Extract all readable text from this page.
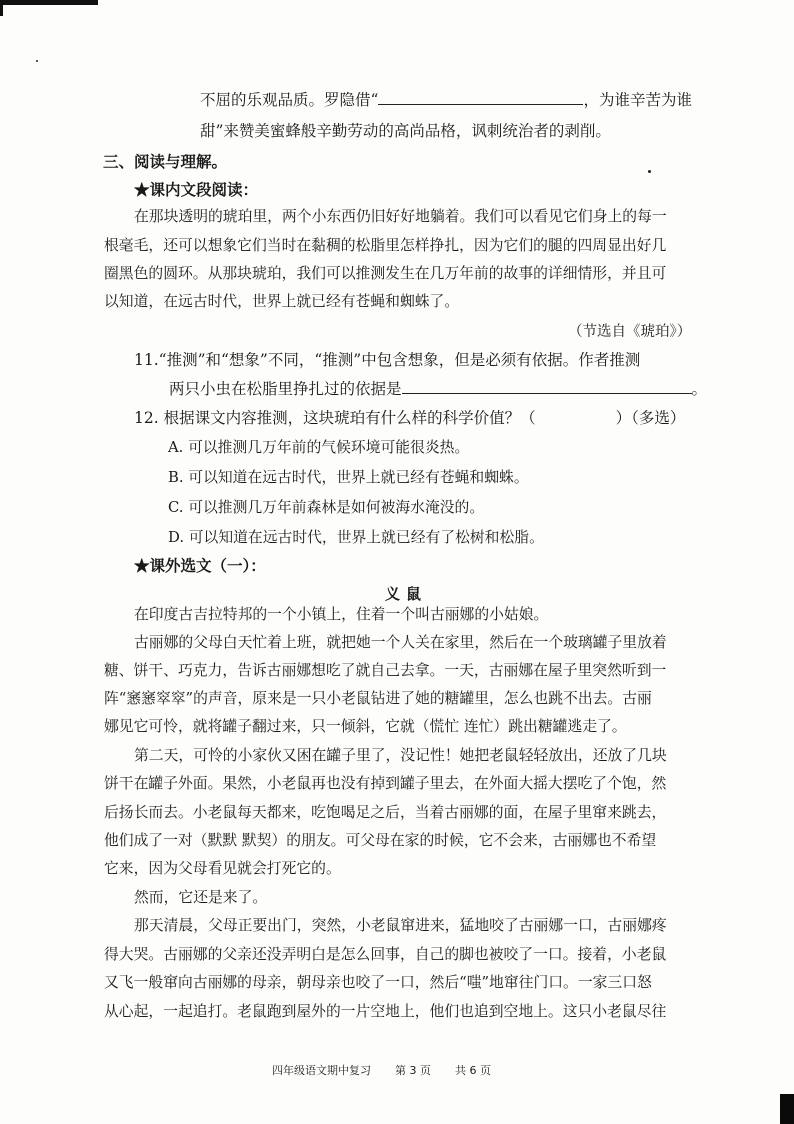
不屈的乐观品质。罗隐借“	，为谁辛苦为谁
甜”来赞美蜜蜂般辛勤劳动的高尚品格，讽刺统治者的剥削。
三、阅读与理解。
★课内文段阅读：
在那块透明的琥珀里，两个小东西仍旧好好地躺着。我们可以看见它们身上的每一
根毫毛，还可以想象它们当时在黏稠的松脂里怎样挣扎，因为它们的腿的四周显出好几
圈黑色的圆环。从那块琥珀，我们可以推测发生在几万年前的故事的详细情形，并且可
以知道，在远古时代，世界上就已经有苍蝇和蜘蛛了。
（节选自《琥珀》）
11.“推测”和“想象”不同，“推测”中包含想象，但是必须有依据。作者推测
两只小虫在松脂里挣扎过的依据是	。
12. 根据课文内容推测，这块琥珀有什么样的科学价值？（	）（多选）
A. 可以推测几万年前的气候环境可能很炎热。
B. 可以知道在远古时代，世界上就已经有苍蝇和蜘蛛。
C. 可以推测几万年前森林是如何被海水淹没的。
D. 可以知道在远古时代，世界上就已经有了松树和松脂。
★课外选文（一）：
义鼠
在印度古吉拉特邦的一个小镇上，住着一个叫古丽娜的小姑娘。
古丽娜的父母白天忙着上班，就把她一个人关在家里，然后在一个玻璃罐子里放着
糖、饼干、巧克力，告诉古丽娜想吃了就自己去拿。一天，古丽娜在屋子里突然听到一
阵“窸窸窣窣”的声音，原来是一只小老鼠钻进了她的糖罐里，怎么也跳不出去。古丽
娜见它可怜，就将罐子翻过来，只一倾斜，它就（慌忙 连忙）跳出糖罐逃走了。
第二天，可怜的小家伙又困在罐子里了，没记性！她把老鼠轻轻放出，还放了几块
饼干在罐子外面。果然，小老鼠再也没有掉到罐子里去，在外面大摇大摆吃了个饱，然
后扬长而去。小老鼠每天都来，吃饱喝足之后，当着古丽娜的面，在屋子里窜来跳去，
他们成了一对（默默 默契）的朋友。可父母在家的时候，它不会来，古丽娜也不希望
它来，因为父母看见就会打死它的。
然而，它还是来了。
那天清晨，父母正要出门，突然，小老鼠窜进来，猛地咬了古丽娜一口，古丽娜疼
得大哭。古丽娜的父亲还没弄明白是怎么回事，自己的脚也被咬了一口。接着，小老鼠
又飞一般窜向古丽娜的母亲，朝母亲也咬了一口，然后“嗤”地窜往门口。一家三口怒
从心起，一起追打。老鼠跑到屋外的一片空地上，他们也追到空地上。这只小老鼠尽往
四年级语文期中复习 第 3 页 共 6 页
